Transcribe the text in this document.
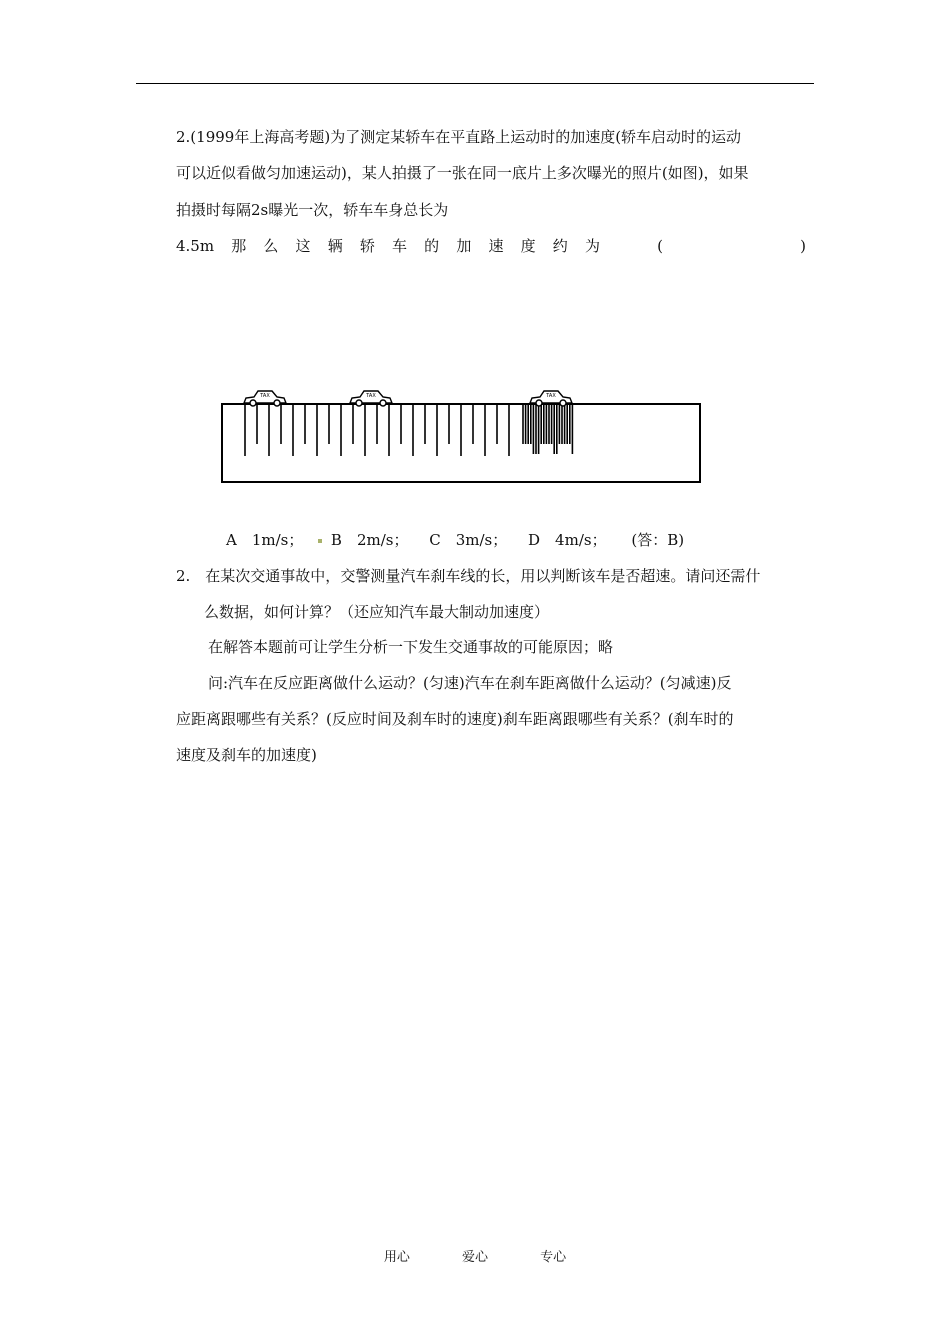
2.(1999年上海高考题)为了测定某轿车在平直路上运动时的加速度(轿车启动时的运动
可以近似看做匀加速运动)，某人拍摄了一张在同一底片上多次曝光的照片(如图)，如果
拍摄时每隔2s曝光一次，轿车车身总长为
4.5m 那 么 这 辆 轿 车 的 加 速 度 约 为	(	)
TAX	TAX	TAX
A　1m/s； B　2m/s； C　3m/s； D　4m/s； (答：B)
2.　在某次交通事故中，交警测量汽车刹车线的长，用以判断该车是否超速。请问还需什
么数据，如何计算？（还应知汽车最大制动加速度）
在解答本题前可让学生分析一下发生交通事故的可能原因；略
问:汽车在反应距离做什么运动？(匀速)汽车在刹车距离做什么运动？(匀减速)反
应距离跟哪些有关系？(反应时间及刹车时的速度)刹车距离跟哪些有关系？(刹车时的
速度及刹车的加速度)
用心	爱心	专心
